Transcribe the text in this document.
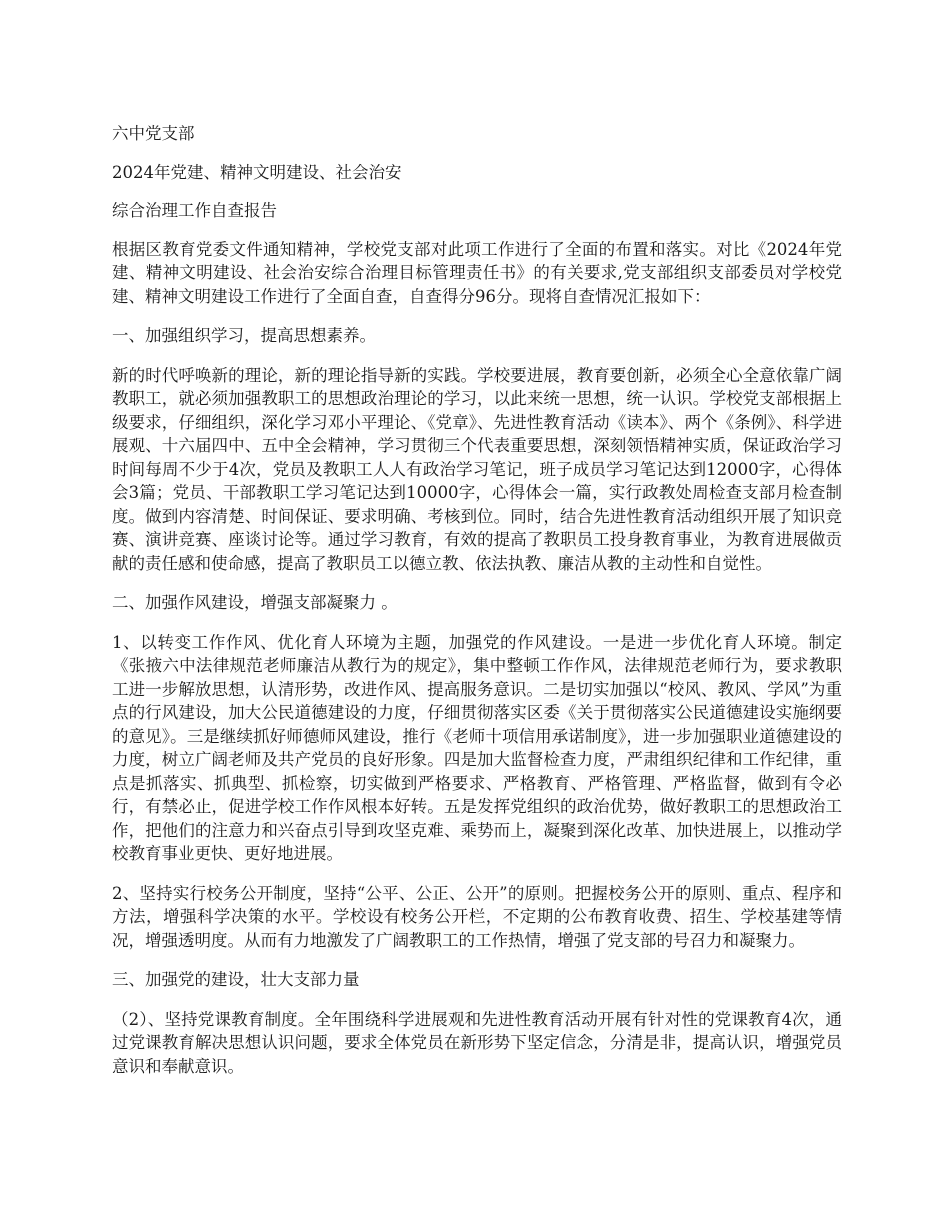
六中党支部

2024年党建、精神文明建设、社会治安

综合治理工作自查报告

根据区教育党委文件通知精神，学校党支部对此项工作进行了全面的布置和落实。对比《2024年党建、精神文明建设、社会治安综合治理目标管理责任书》的有关要求,党支部组织支部委员对学校党建、精神文明建设工作进行了全面自查，自查得分96分。现将自查情况汇报如下：

一、加强组织学习，提高思想素养。

新的时代呼唤新的理论，新的理论指导新的实践。学校要进展，教育要创新，必须全心全意依靠广阔教职工，就必须加强教职工的思想政治理论的学习，以此来统一思想，统一认识。学校党支部根据上级要求，仔细组织，深化学习邓小平理论、《党章》、先进性教育活动《读本》、两个《条例》、科学进展观、十六届四中、五中全会精神，学习贯彻三个代表重要思想，深刻领悟精神实质，保证政治学习时间每周不少于4次，党员及教职工人人有政治学习笔记，班子成员学习笔记达到12000字，心得体会3篇；党员、干部教职工学习笔记达到10000字，心得体会一篇，实行政教处周检查支部月检查制度。做到内容清楚、时间保证、要求明确、考核到位。同时，结合先进性教育活动组织开展了知识竞赛、演讲竞赛、座谈讨论等。通过学习教育，有效的提高了教职员工投身教育事业，为教育进展做贡献的责任感和使命感，提高了教职员工以德立教、依法执教、廉洁从教的主动性和自觉性。

二、加强作风建设，增强支部凝聚力 。

1、以转变工作作风、优化育人环境为主题，加强党的作风建设。一是进一步优化育人环境。制定《张掖六中法律规范老师廉洁从教行为的规定》，集中整顿工作作风，法律规范老师行为，要求教职工进一步解放思想，认清形势，改进作风、提高服务意识。二是切实加强以“校风、教风、学风”为重点的行风建设，加大公民道德建设的力度，仔细贯彻落实区委《关于贯彻落实公民道德建设实施纲要的意见》。三是继续抓好师德师风建设，推行《老师十项信用承诺制度》，进一步加强职业道德建设的力度，树立广阔老师及共产党员的良好形象。四是加大监督检查力度，严肃组织纪律和工作纪律，重点是抓落实、抓典型、抓检察，切实做到严格要求、严格教育、严格管理、严格监督，做到有令必行，有禁必止，促进学校工作作风根本好转。五是发挥党组织的政治优势，做好教职工的思想政治工作，把他们的注意力和兴奋点引导到攻坚克难、乘势而上，凝聚到深化改革、加快进展上，以推动学校教育事业更快、更好地进展。

2、坚持实行校务公开制度，坚持“公平、公正、公开”的原则。把握校务公开的原则、重点、程序和方法，增强科学决策的水平。学校设有校务公开栏，不定期的公布教育收费、招生、学校基建等情况，增强透明度。从而有力地激发了广阔教职工的工作热情，增强了党支部的号召力和凝聚力。

三、加强党的建设，壮大支部力量

（2）、坚持党课教育制度。全年围绕科学进展观和先进性教育活动开展有针对性的党课教育4次，通过党课教育解决思想认识问题，要求全体党员在新形势下坚定信念，分清是非，提高认识，增强党员意识和奉献意识。
